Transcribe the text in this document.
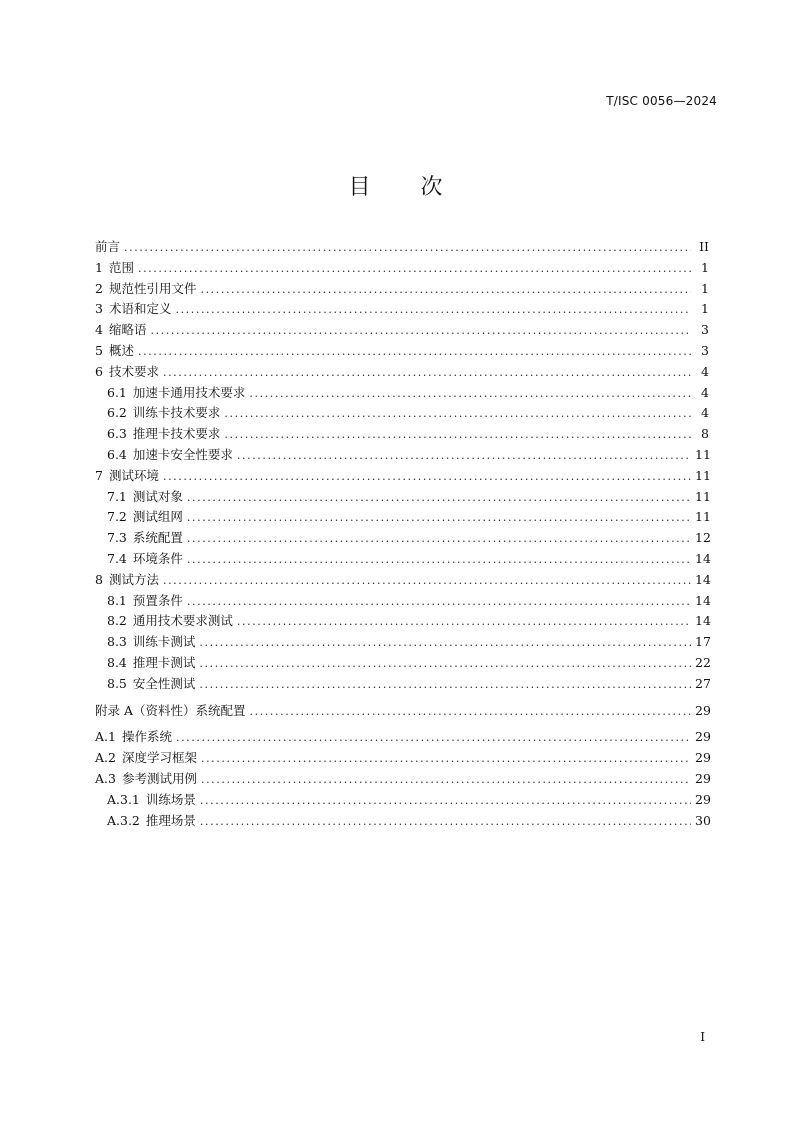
T/ISC 0056—2024
目　　次
前言 .....	II
1 范围 .....	1
2 规范性引用文件 .....	1
3 术语和定义 .....	1
4 缩略语 .....	3
5 概述 .....	3
6 技术要求 .....	4
6.1 加速卡通用技术要求 .....	4
6.2 训练卡技术要求 .....	4
6.3 推理卡技术要求 .....	8
6.4 加速卡安全性要求 .....	11
7 测试环境 .....	11
7.1 测试对象 .....	11
7.2 测试组网 .....	11
7.3 系统配置 .....	12
7.4 环境条件 .....	14
8 测试方法 .....	14
8.1 预置条件 .....	14
8.2 通用技术要求测试 .....	14
8.3 训练卡测试 .....	17
8.4 推理卡测试 .....	22
8.5 安全性测试 .....	27
附录 A（资料性）系统配置 .....	29
A.1 操作系统 .....	29
A.2 深度学习框架 .....	29
A.3 参考测试用例 .....	29
A.3.1 训练场景 .....	29
A.3.2 推理场景 .....	30
I
